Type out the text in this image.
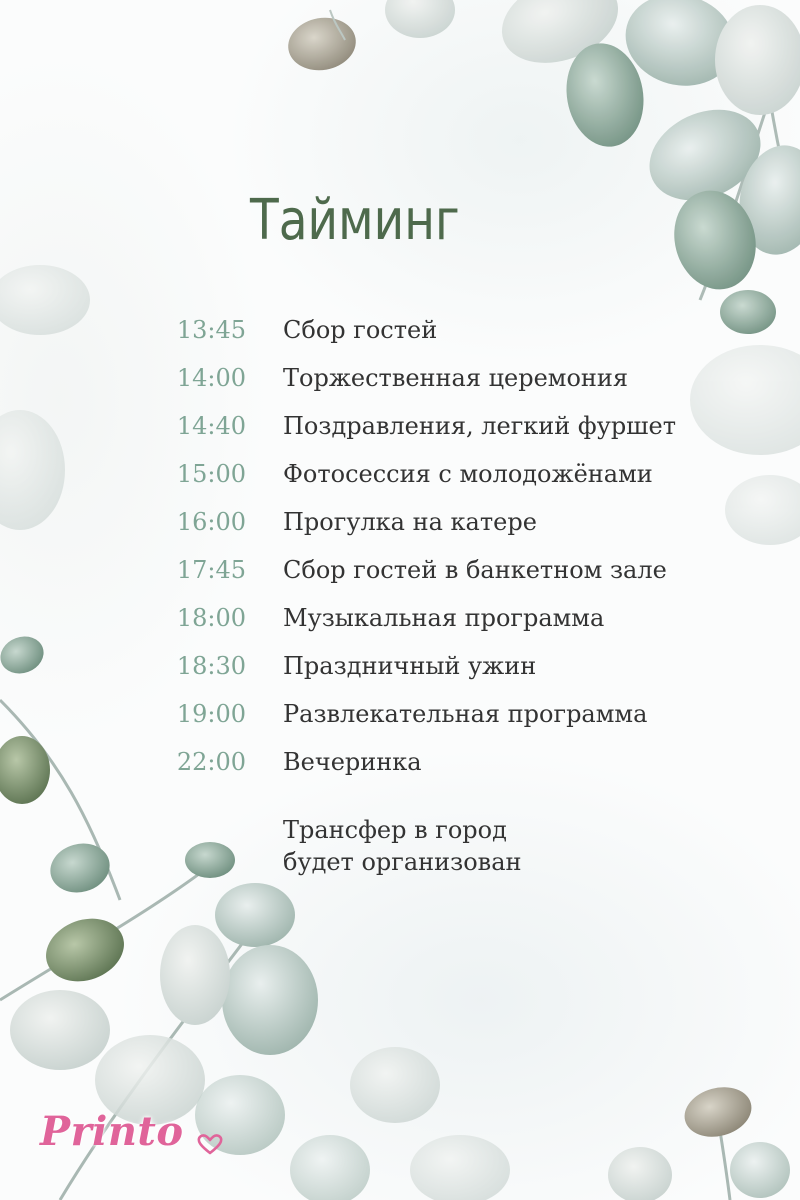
Тайминг
13:45 Сбор гостей
14:00 Торжественная церемония
14:40 Поздравления, легкий фуршет
15:00 Фотосессия с молодожёнами
16:00 Прогулка на катере
17:45 Сбор гостей в банкетном зале
18:00 Музыкальная программа
18:30 Праздничный ужин
19:00 Развлекательная программа
22:00 Вечеринка
Трансфер в город
будет организован
Printo
